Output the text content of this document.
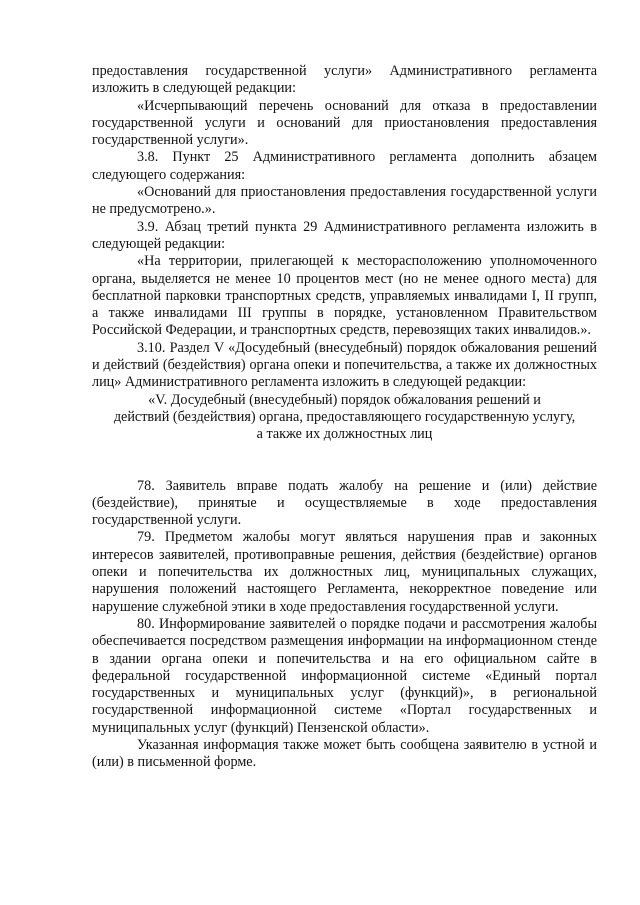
предоставления государственной услуги» Административного регламента изложить в следующей редакции:

«Исчерпывающий перечень оснований для отказа в предоставлении государственной услуги и оснований для приостановления предоставления государственной услуги».

3.8. Пункт 25 Административного регламента дополнить абзацем следующего содержания:

«Оснований для приостановления предоставления государственной услуги не предусмотрено.».

3.9. Абзац третий пункта 29 Административного регламента изложить в следующей редакции:

«На территории, прилегающей к месторасположению уполномоченного органа, выделяется не менее 10 процентов мест (но не менее одного места) для бесплатной парковки транспортных средств, управляемых инвалидами I, II групп, а также инвалидами III группы в порядке, установленном Правительством Российской Федерации, и транспортных средств, перевозящих таких инвалидов.».

3.10. Раздел V «Досудебный (внесудебный) порядок обжалования решений и действий (бездействия) органа опеки и попечительства, а также их должностных лиц» Административного регламента изложить в следующей редакции:

«V. Досудебный (внесудебный) порядок обжалования решений и

действий (бездействия) органа, предоставляющего государственную услугу,

а также их должностных лиц

78. Заявитель вправе подать жалобу на решение и (или) действие (бездействие), принятые и осуществляемые в ходе предоставления государственной услуги.

79. Предметом жалобы могут являться нарушения прав и законных интересов заявителей, противоправные решения, действия (бездействие) органов опеки и попечительства их должностных лиц, муниципальных служащих, нарушения положений настоящего Регламента, некорректное поведение или нарушение служебной этики в ходе предоставления государственной услуги.

80. Информирование заявителей о порядке подачи и рассмотрения жалобы обеспечивается посредством размещения информации на информационном стенде в здании органа опеки и попечительства и на его официальном сайте в федеральной государственной информационной системе «Единый портал государственных и муниципальных услуг (функций)», в региональной государственной информационной системе «Портал государственных и муниципальных услуг (функций) Пензенской области».

Указанная информация также может быть сообщена заявителю в устной и (или) в письменной форме.
